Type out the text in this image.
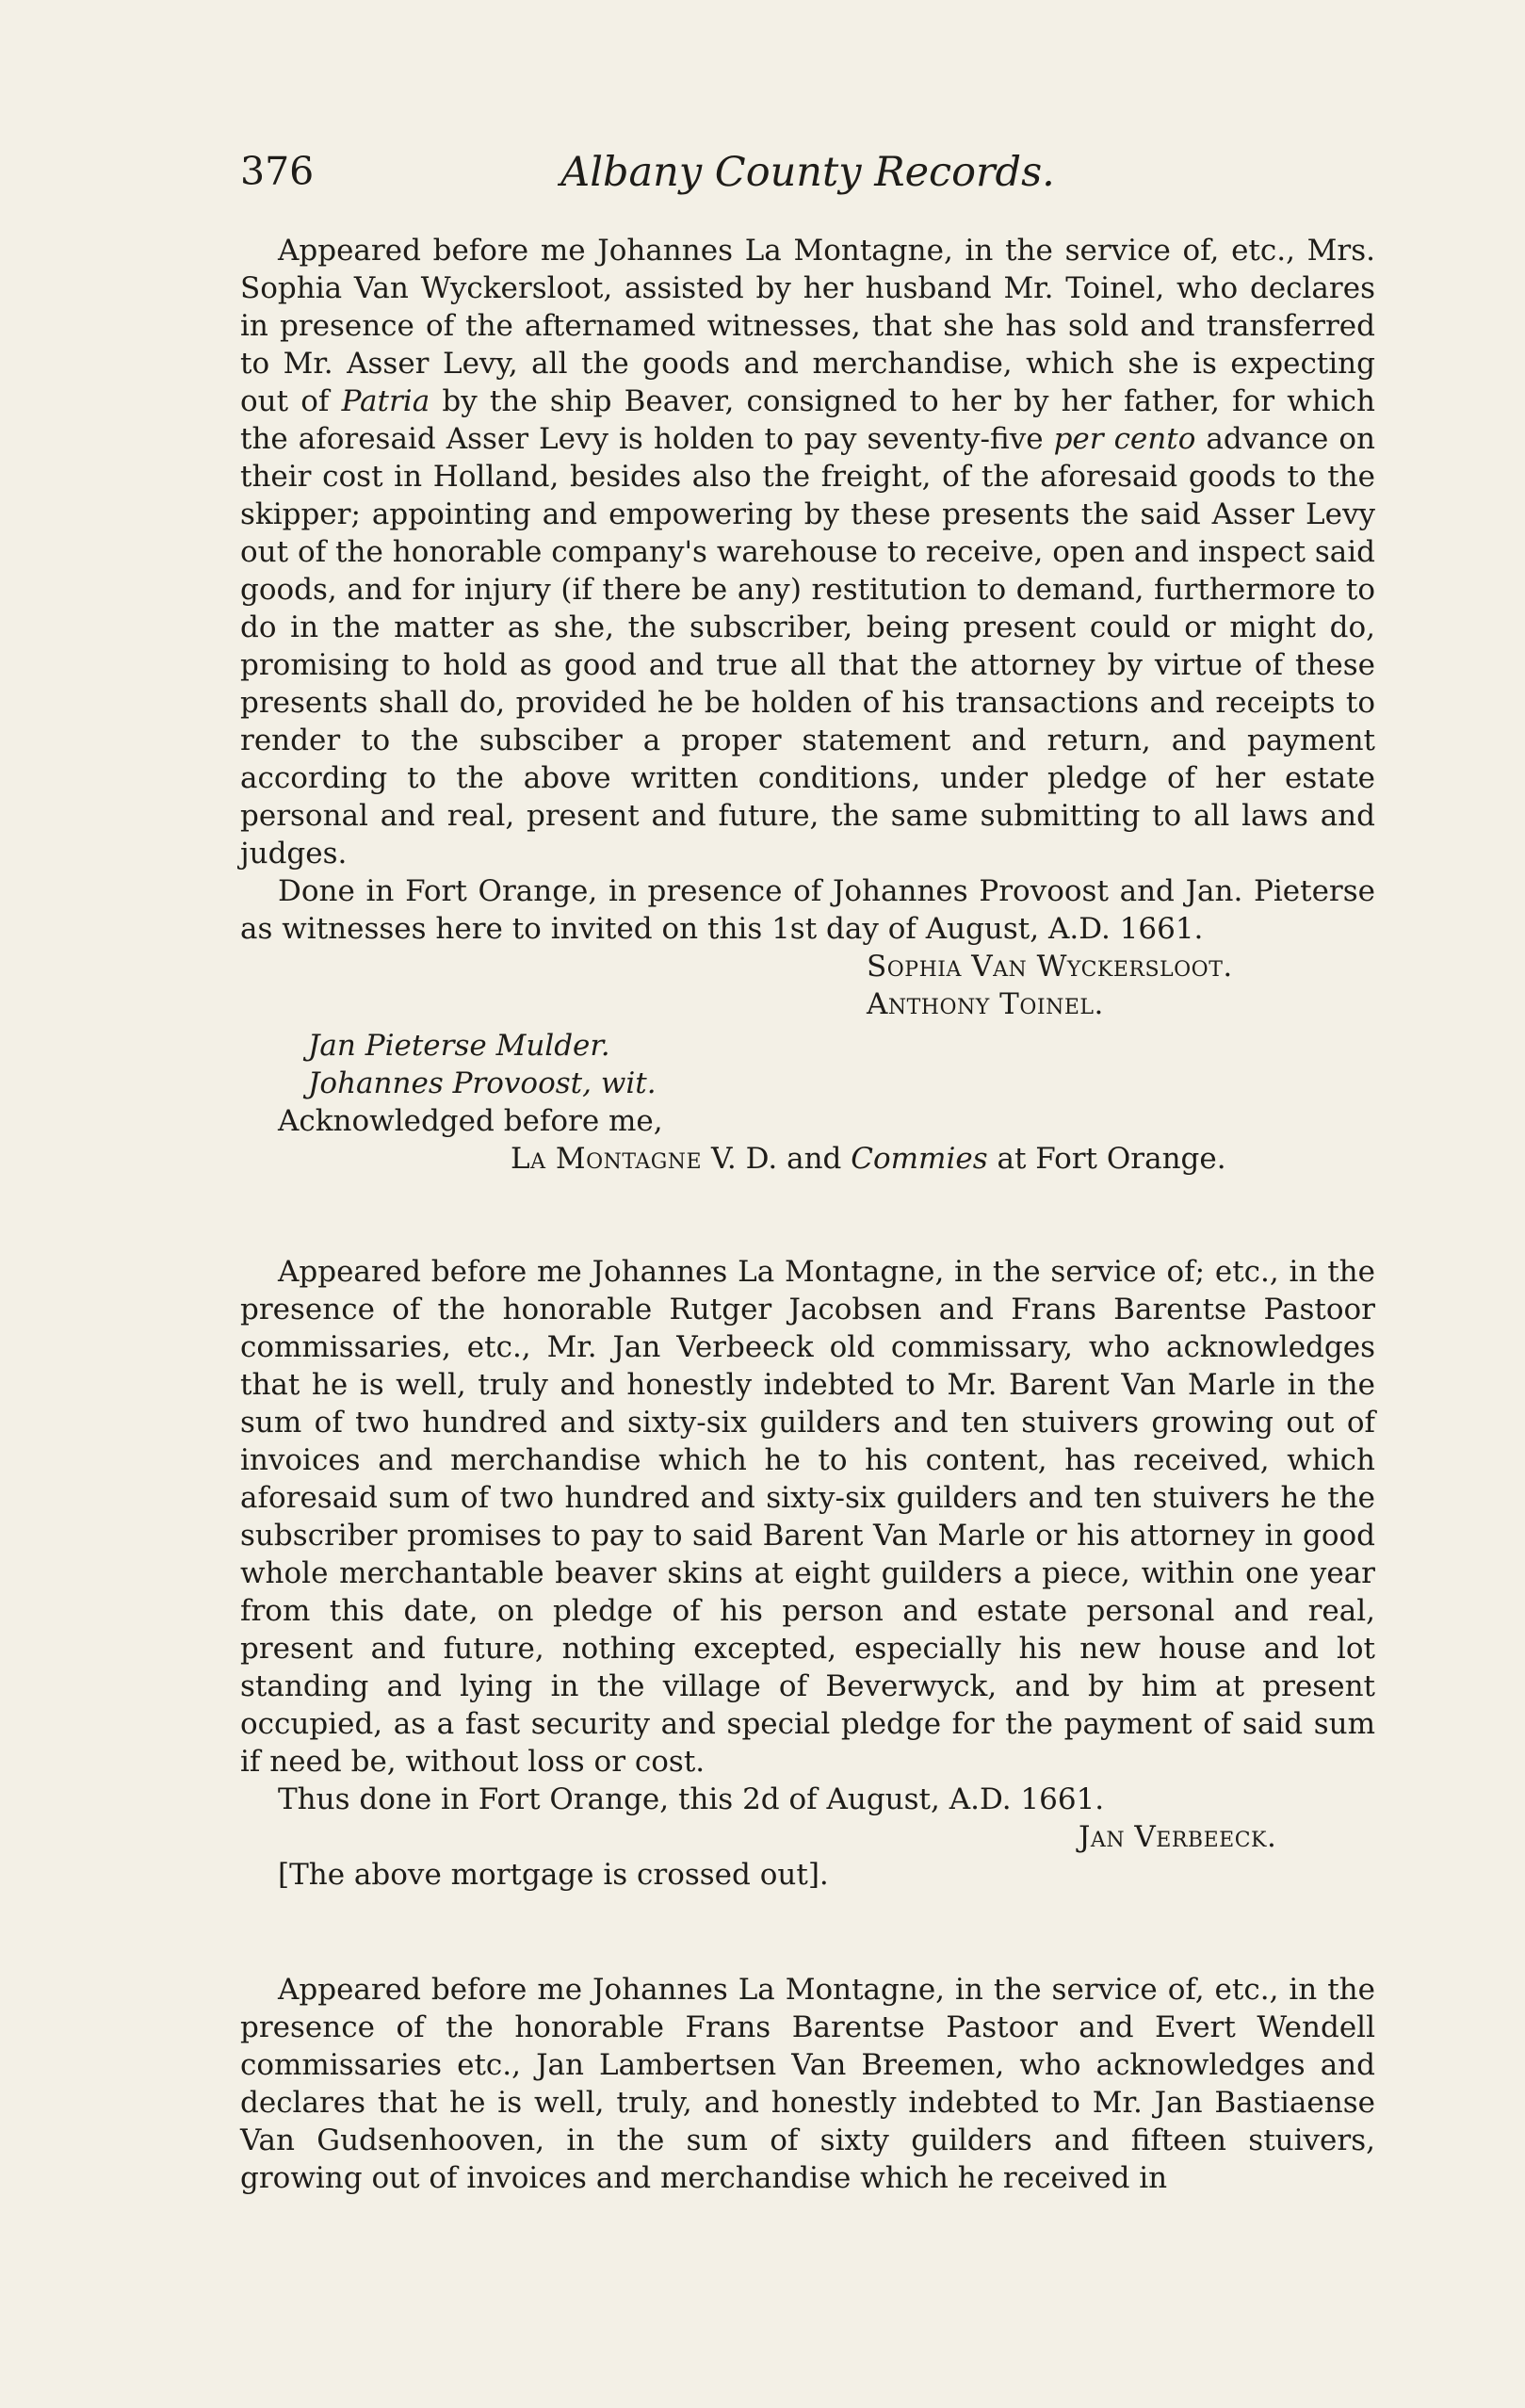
376	Albany County Records.

Appeared before me Johannes La Montagne, in the service of, etc., Mrs. Sophia Van Wyckersloot, assisted by her husband Mr. Toinel, who declares in presence of the afternamed witnesses, that she has sold and transferred to Mr. Asser Levy, all the goods and merchandise, which she is expecting out of Patria by the ship Beaver, consigned to her by her father, for which the aforesaid Asser Levy is holden to pay seventy-five per cento advance on their cost in Holland, besides also the freight, of the aforesaid goods to the skipper; appointing and empowering by these presents the said Asser Levy out of the honorable company's warehouse to receive, open and inspect said goods, and for injury (if there be any) restitution to demand, furthermore to do in the matter as she, the subscriber, being present could or might do, promising to hold as good and true all that the attorney by virtue of these presents shall do, provided he be holden of his transactions and receipts to render to the subsciber a proper statement and return, and payment according to the above written conditions, under pledge of her estate personal and real, present and future, the same submitting to all laws and judges.

Done in Fort Orange, in presence of Johannes Provoost and Jan. Pieterse as witnesses here to invited on this 1st day of August, A.D. 1661.

Sophia Van Wyckersloot.
Anthony Toinel.
Jan Pieterse Mulder.
Johannes Provoost, wit.
Acknowledged before me,
La Montagne V. D. and Commies at Fort Orange.

Appeared before me Johannes La Montagne, in the service of; etc., in the presence of the honorable Rutger Jacobsen and Frans Barentse Pastoor commissaries, etc., Mr. Jan Verbeeck old commissary, who acknowledges that he is well, truly and honestly indebted to Mr. Barent Van Marle in the sum of two hundred and sixty-six guilders and ten stuivers growing out of invoices and merchandise which he to his content, has received, which aforesaid sum of two hundred and sixty-six guilders and ten stuivers he the subscriber promises to pay to said Barent Van Marle or his attorney in good whole merchantable beaver skins at eight guilders a piece, within one year from this date, on pledge of his person and estate personal and real, present and future, nothing excepted, especially his new house and lot standing and lying in the village of Beverwyck, and by him at present occupied, as a fast security and special pledge for the payment of said sum if need be, without loss or cost.

Thus done in Fort Orange, this 2d of August, A.D. 1661.

Jan Verbeeck.
[The above mortgage is crossed out].

Appeared before me Johannes La Montagne, in the service of, etc., in the presence of the honorable Frans Barentse Pastoor and Evert Wendell commissaries etc., Jan Lambertsen Van Breemen, who acknowledges and declares that he is well, truly, and honestly indebted to Mr. Jan Bastiaense Van Gudsenhooven, in the sum of sixty guilders and fifteen stuivers, growing out of invoices and merchandise which he received in
